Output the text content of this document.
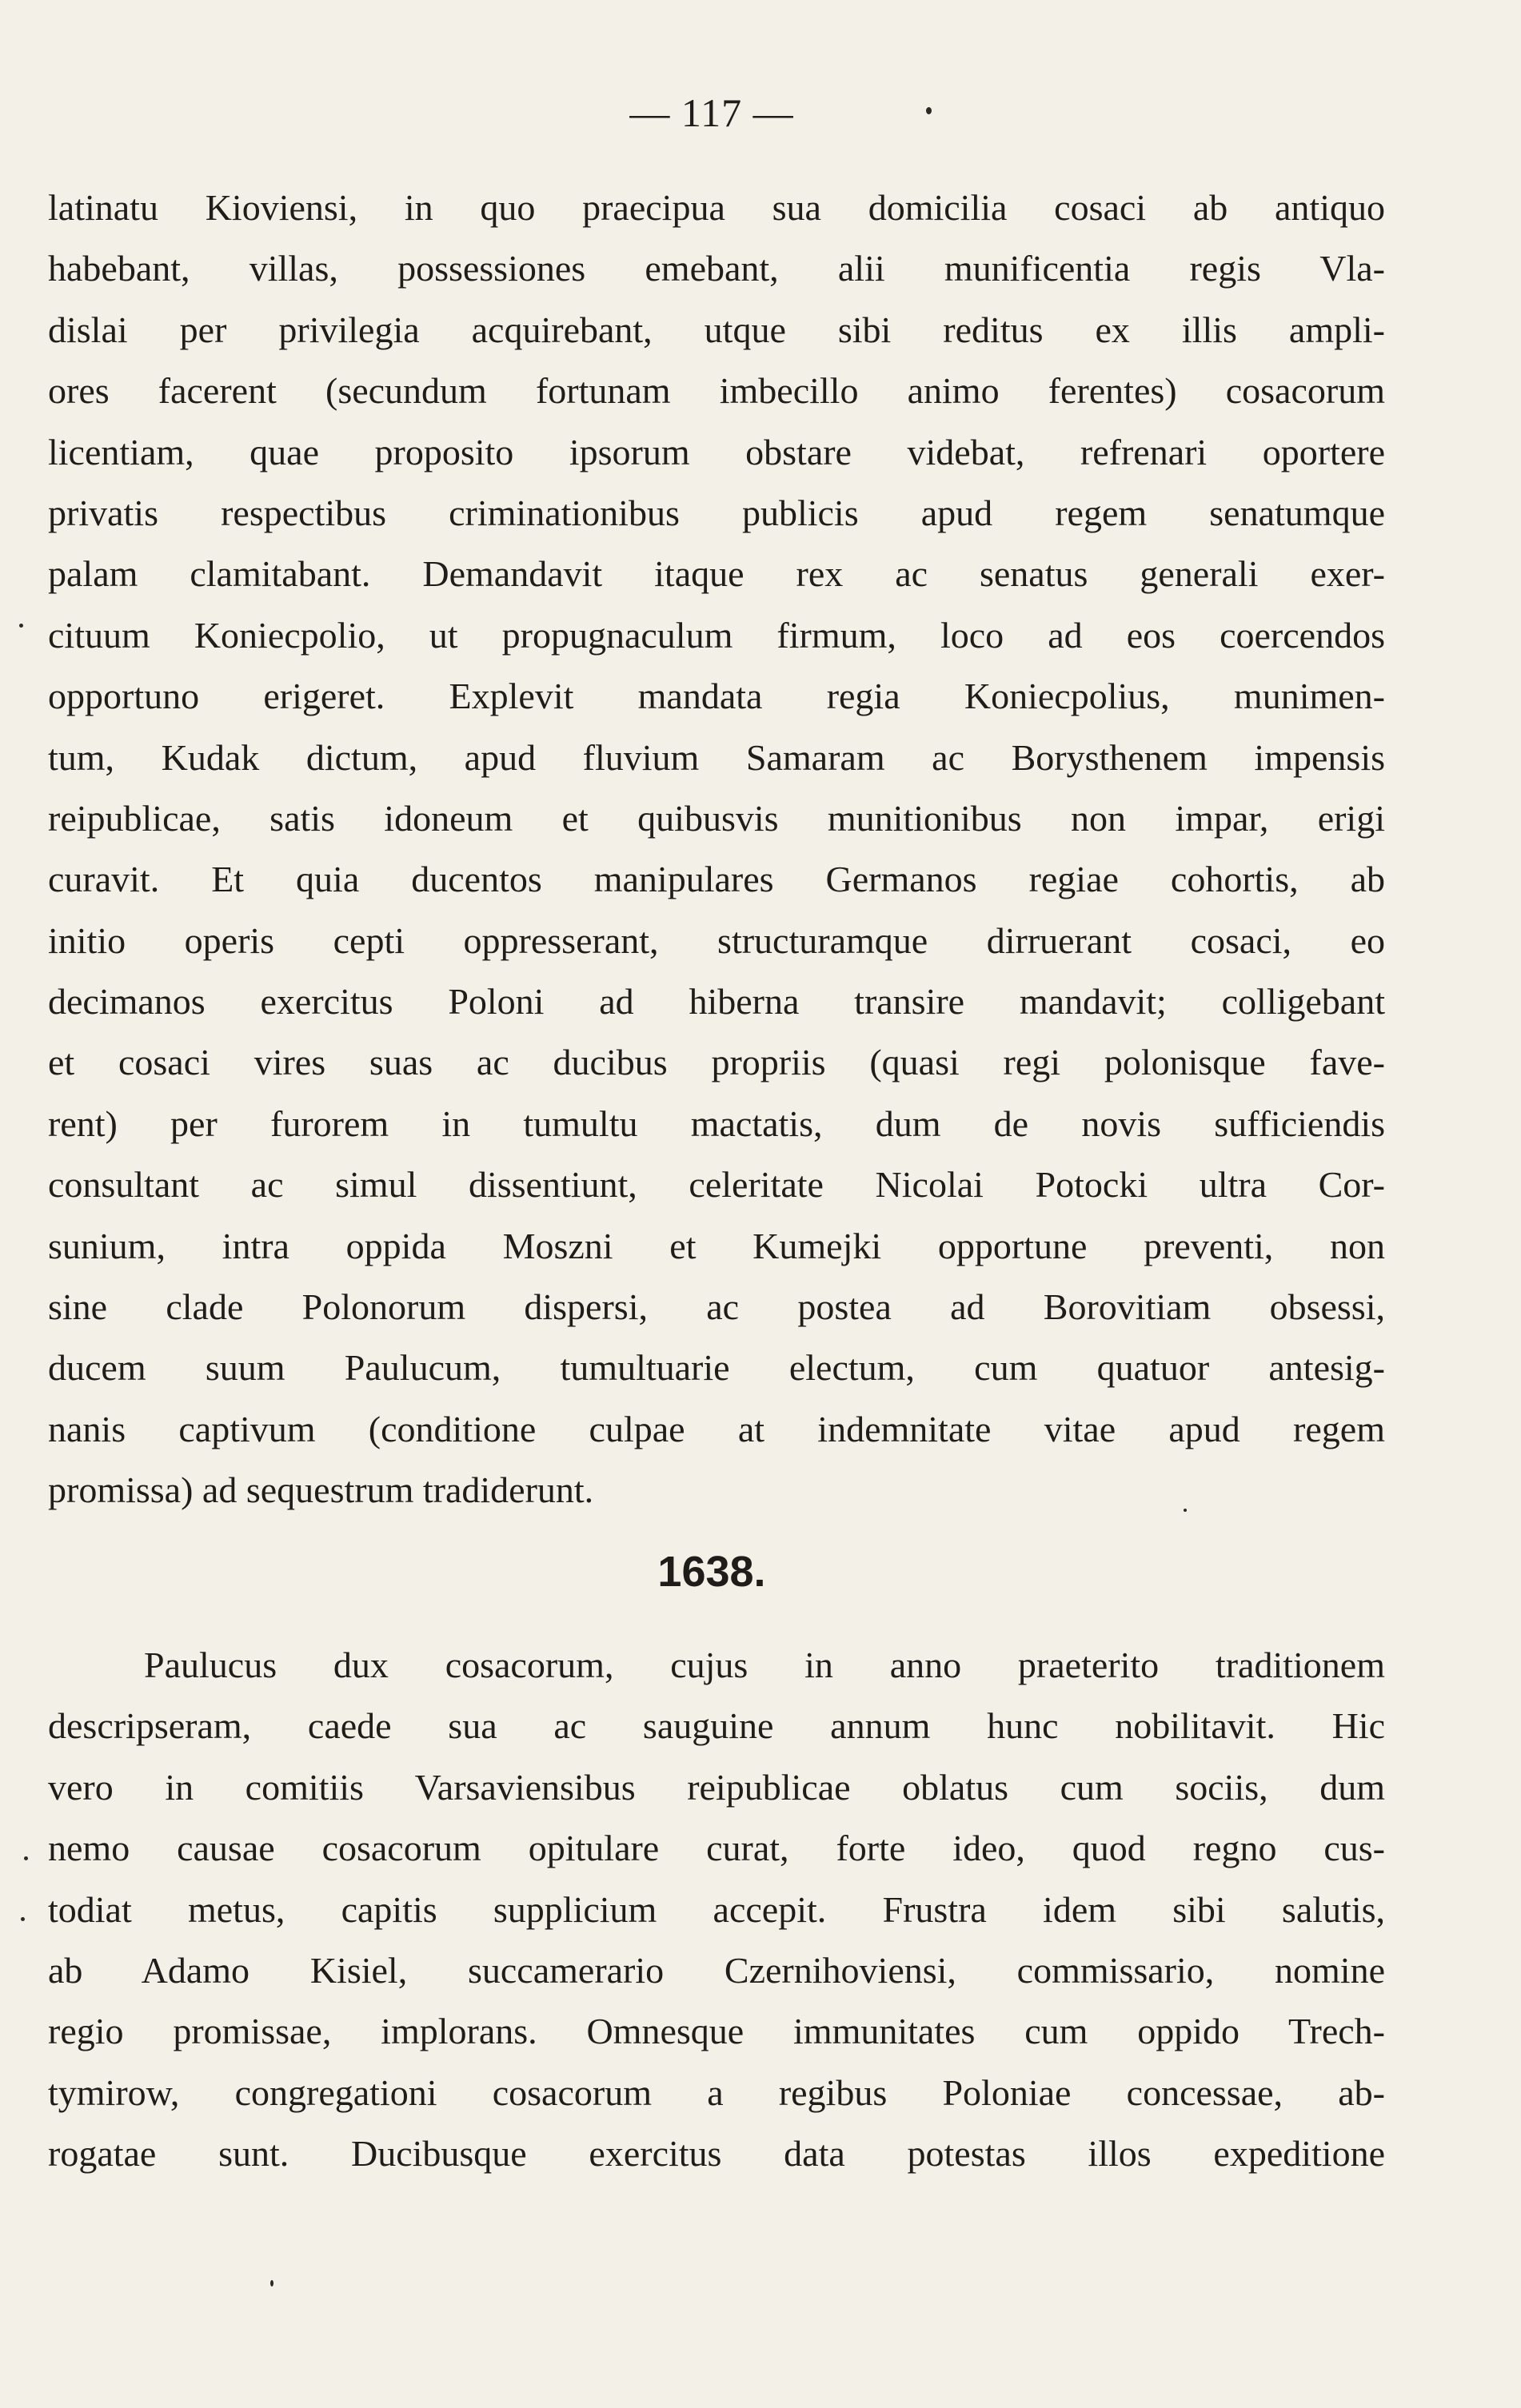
— 117 —
latinatu Kioviensi, in quo praecipua sua domicilia cosaci ab antiquo
habebant, villas, possessiones emebant, alii munificentia regis Vla-
dislai per privilegia acquirebant, utque sibi reditus ex illis ampli-
ores facerent (secundum fortunam imbecillo animo ferentes) cosacorum
licentiam, quae proposito ipsorum obstare videbat, refrenari oportere
privatis respectibus criminationibus publicis apud regem senatumque
palam clamitabant. Demandavit itaque rex ac senatus generali exer-
cituum Koniecpolio, ut propugnaculum firmum, loco ad eos coercendos
opportuno erigeret. Explevit mandata regia Koniecpolius, munimen-
tum, Kudak dictum, apud fluvium Samaram ac Borysthenem impensis
reipublicae, satis idoneum et quibusvis munitionibus non impar, erigi
curavit. Et quia ducentos manipulares Germanos regiae cohortis, ab
initio operis cepti oppresserant, structuramque dirruerant cosaci, eo
decimanos exercitus Poloni ad hiberna transire mandavit; colligebant
et cosaci vires suas ac ducibus propriis (quasi regi polonisque fave-
rent) per furorem in tumultu mactatis, dum de novis sufficiendis
consultant ac simul dissentiunt, celeritate Nicolai Potocki ultra Cor-
sunium, intra oppida Moszni et Kumejki opportune preventi, non
sine clade Polonorum dispersi, ac postea ad Borovitiam obsessi,
ducem suum Paulucum, tumultuarie electum, cum quatuor antesig-
nanis captivum (conditione culpae at indemnitate vitae apud regem
promissa) ad sequestrum tradiderunt.
1638.
Paulucus dux cosacorum, cujus in anno praeterito traditionem
descripseram, caede sua ac sauguine annum hunc nobilitavit. Hic
vero in comitiis Varsaviensibus reipublicae oblatus cum sociis, dum
nemo causae cosacorum opitulare curat, forte ideo, quod regno cus-
todiat metus, capitis supplicium accepit. Frustra idem sibi salutis,
ab Adamo Kisiel, succamerario Czernihoviensi, commissario, nomine
regio promissae, implorans. Omnesque immunitates cum oppido Trech-
tymirow, congregationi cosacorum a regibus Poloniae concessae, ab-
rogatae sunt. Ducibusque exercitus data potestas illos expeditione
